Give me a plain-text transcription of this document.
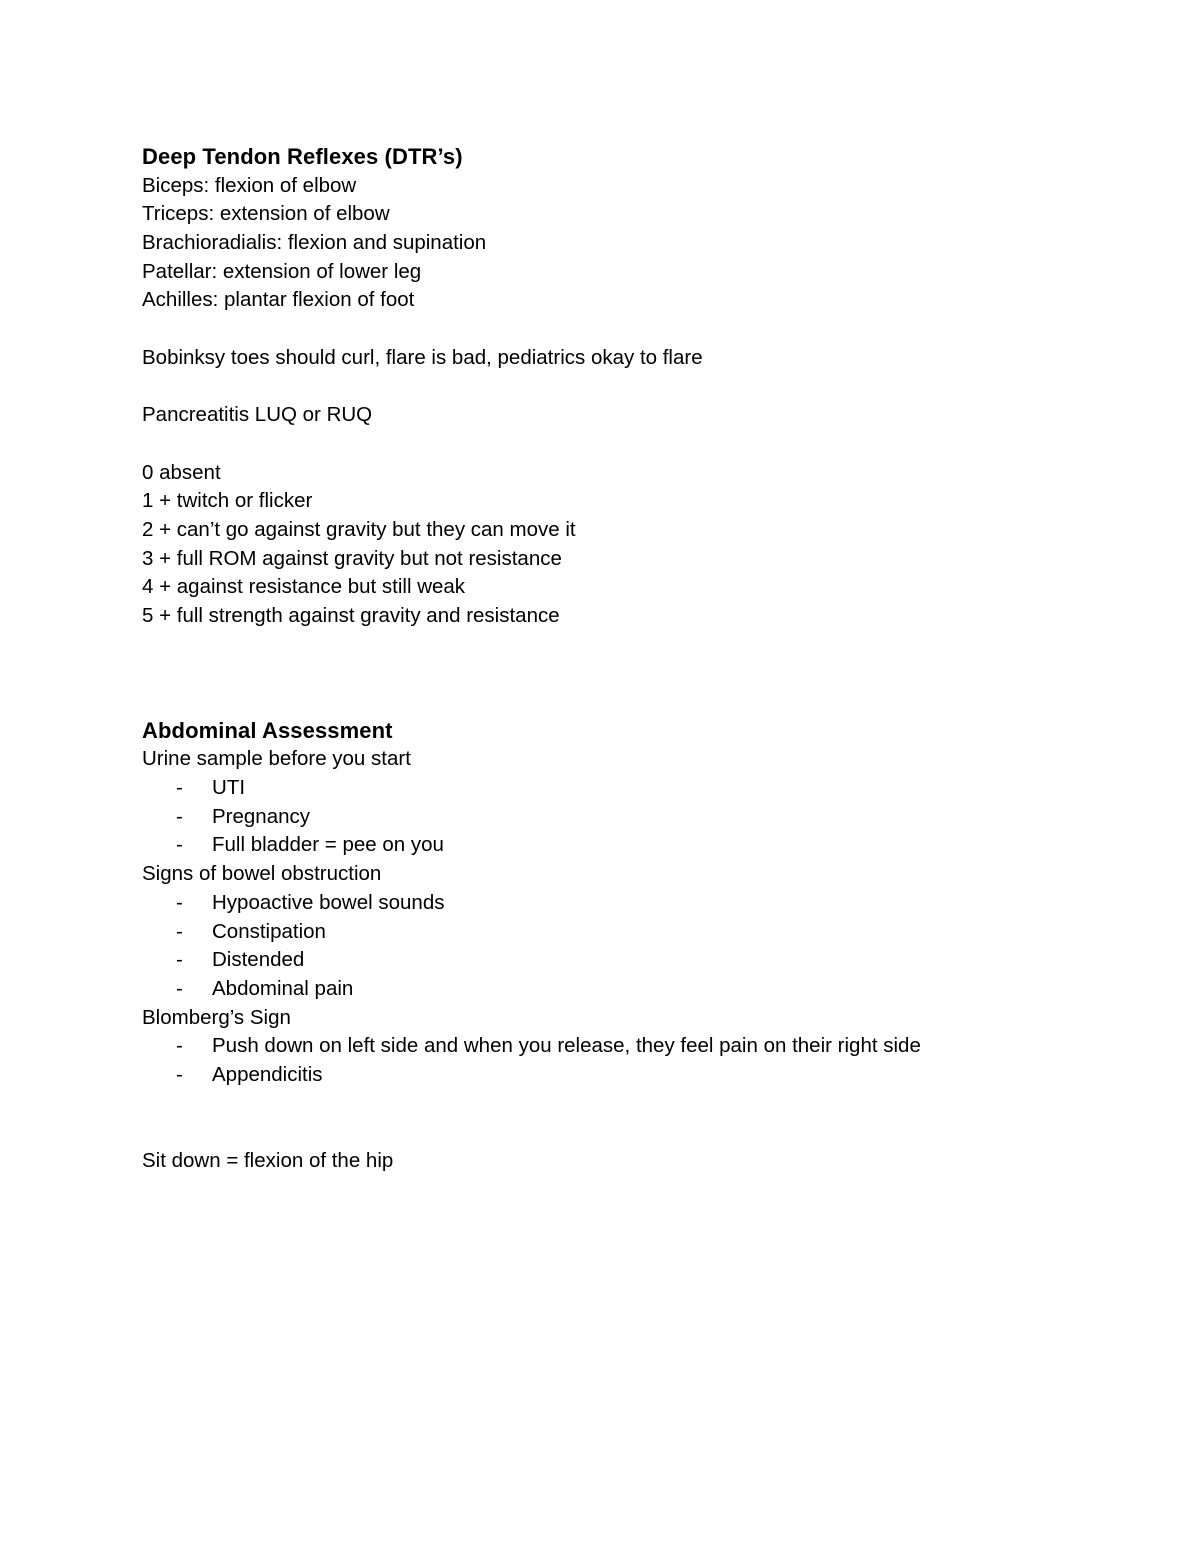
Deep Tendon Reflexes (DTR’s)
Biceps: flexion of elbow
Triceps: extension of elbow
Brachioradialis: flexion and supination
Patellar: extension of lower leg
Achilles: plantar flexion of foot
Bobinksy toes should curl, flare is bad, pediatrics okay to flare
Pancreatitis LUQ or RUQ
0 absent
1 + twitch or flicker
2 + can’t go against gravity but they can move it
3 + full ROM against gravity but not resistance
4 + against resistance but still weak
5 + full strength against gravity and resistance
Abdominal Assessment
Urine sample before you start
-	UTI
-	Pregnancy
-	Full bladder = pee on you
Signs of bowel obstruction
-	Hypoactive bowel sounds
-	Constipation
-	Distended
-	Abdominal pain
Blomberg’s Sign
-	Push down on left side and when you release, they feel pain on their right side
-	Appendicitis
Sit down = flexion of the hip
